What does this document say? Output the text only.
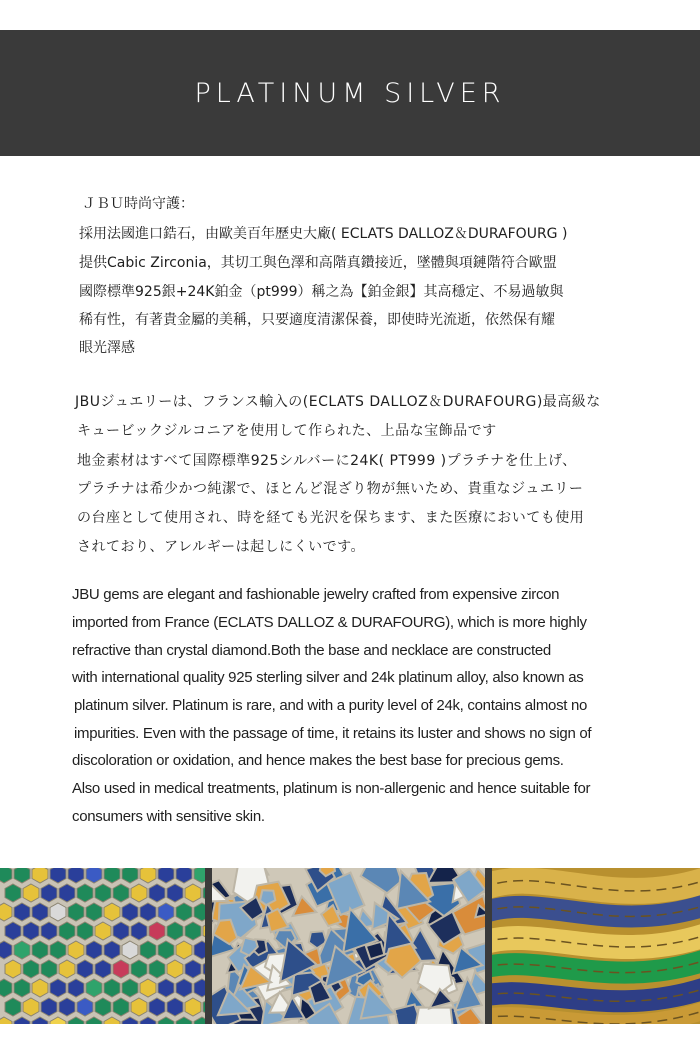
PLATINUM SILVER
ＪＢＵ時尚守護：
採用法國進口鋯石，由歐美百年歷史大廠( ECLATS DALLOZ＆DURAFOURG )
提供Cabic Zirconia，其切工與色澤和高階真鑽接近，墜體與項鏈階符合歐盟
國際標準925銀+24K鉑金（pt999）稱之為【鉑金銀】其高穩定、不易過敏與
稀有性，有著貴金屬的美稱，只要適度清潔保養，即使時光流逝，依然保有耀
眼光澤感
JBUジュエリーは、フランス輸入の(ECLATS DALLOZ＆DURAFOURG)最高級な
キュービックジルコニアを使用して作られた、上品な宝飾品です
地金素材はすべて国際標準925シルバーに24K( PT999 )プラチナを仕上げ、
プラチナは希少かつ純潔で、ほとんど混ざり物が無いため、貴重なジュエリー
の台座として使用され、時を経ても光沢を保ちます、また医療においても使用
されており、アレルギーは起しにくいです。
JBU gems are elegant and fashionable jewelry crafted from expensive zircon
imported from France (ECLATS DALLOZ & DURAFOURG), which is more highly
refractive than crystal diamond.Both the base and necklace are constructed
with international quality 925 sterling silver and 24k platinum alloy, also known as
platinum silver. Platinum is rare, and with a purity level of 24k, contains almost no
impurities. Even with the passage of time, it retains its luster and shows no sign of
discoloration or oxidation, and hence makes the best base for precious gems.
Also used in medical treatments, platinum is non-allergenic and hence suitable for
consumers with sensitive skin.
